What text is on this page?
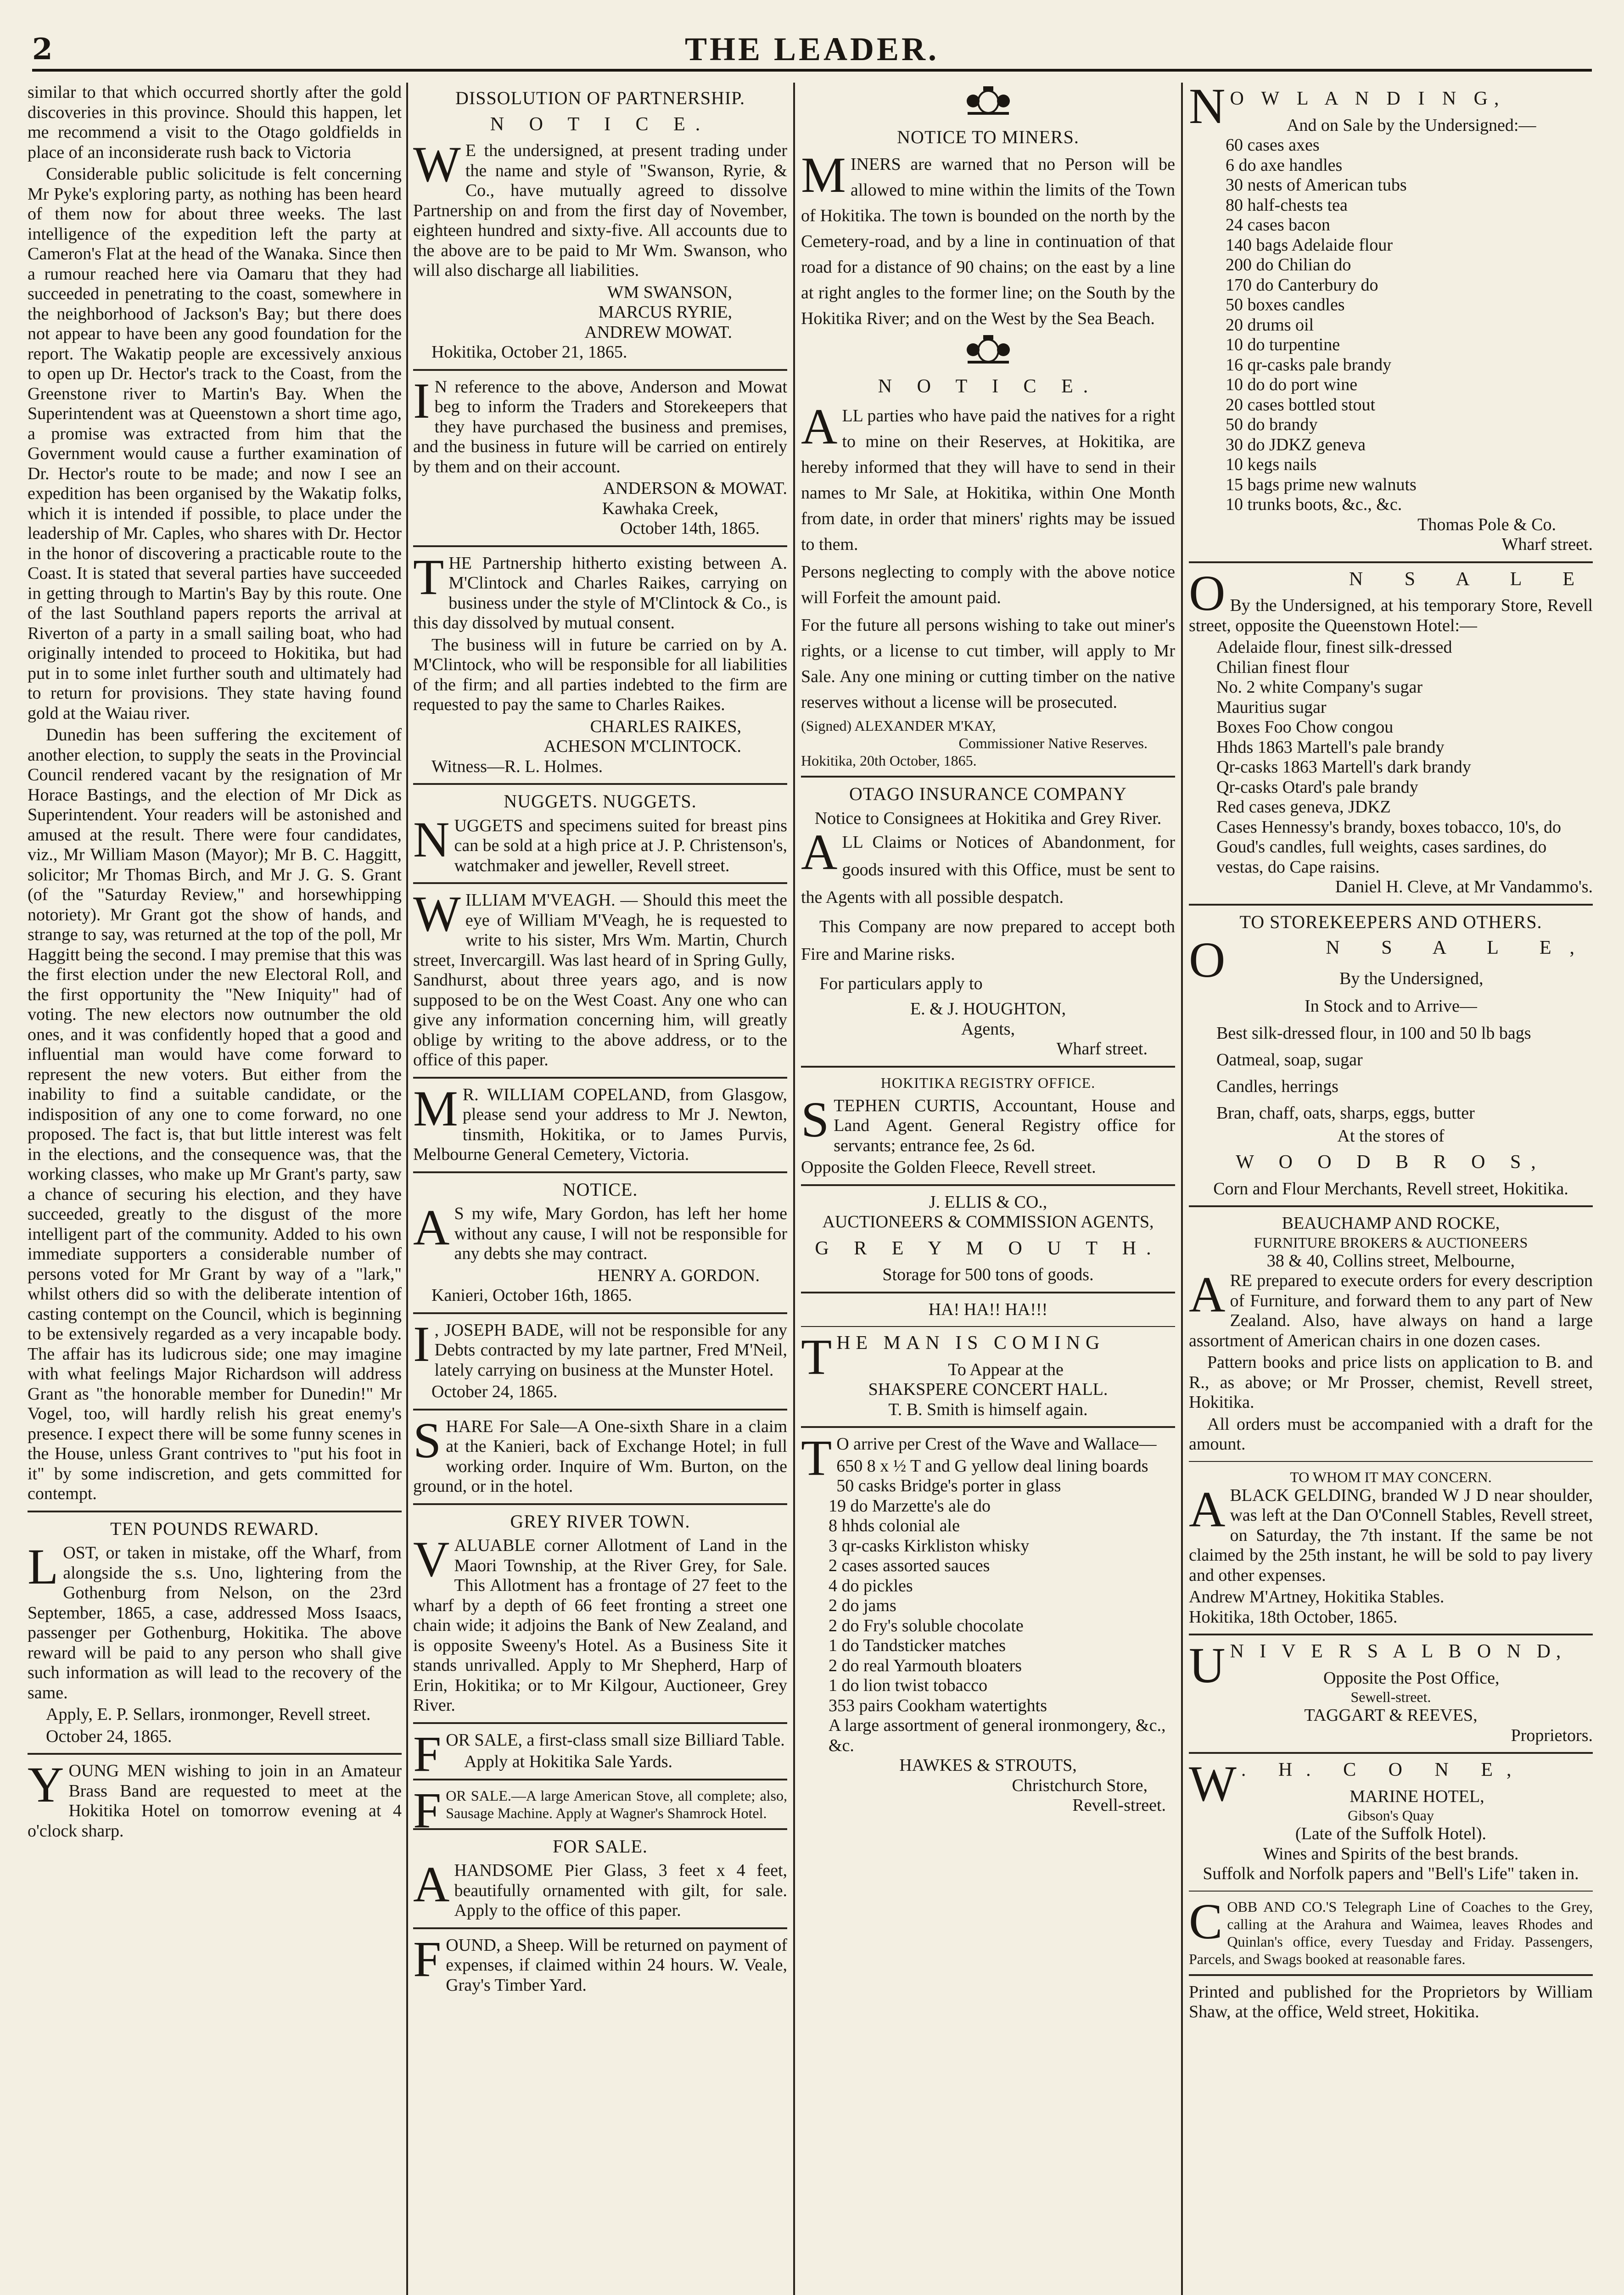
2	THE LEADER.

similar to that which occurred shortly after the gold discoveries in this province. Should this happen, let me recommend a visit to the Otago goldfields in place of an inconsiderate rush back to Victoria

Considerable public solicitude is felt concerning Mr Pyke's exploring party, as nothing has been heard of them now for about three weeks. The last intelligence of the expedition left the party at Cameron's Flat at the head of the Wanaka. Since then a rumour reached here via Oamaru that they had succeeded in penetrating to the coast, somewhere in the neighborhood of Jackson's Bay; but there does not appear to have been any good foundation for the report. The Wakatip people are excessively anxious to open up Dr. Hector's track to the Coast, from the Greenstone river to Martin's Bay. When the Superintendent was at Queenstown a short time ago, a promise was extracted from him that the Government would cause a further examination of Dr. Hector's route to be made; and now I see an expedition has been organised by the Wakatip folks, which it is intended if possible, to place under the leadership of Mr. Caples, who shares with Dr. Hector in the honor of discovering a practicable route to the Coast. It is stated that several parties have succeeded in getting through to Martin's Bay by this route. One of the last Southland papers reports the arrival at Riverton of a party in a small sailing boat, who had originally intended to proceed to Hokitika, but had put in to some inlet further south and ultimately had to return for provisions. They state having found gold at the Waiau river.

Dunedin has been suffering the excitement of another election, to supply the seats in the Provincial Council rendered vacant by the resignation of Mr Horace Bastings, and the election of Mr Dick as Superintendent. Your readers will be astonished and amused at the result. There were four candidates, viz., Mr William Mason (Mayor); Mr B. C. Haggitt, solicitor; Mr Thomas Birch, and Mr J. G. S. Grant (of the "Saturday Review," and horsewhipping notoriety). Mr Grant got the show of hands, and strange to say, was returned at the top of the poll, Mr Haggitt being the second. I may premise that this was the first election under the new Electoral Roll, and the first opportunity the "New Iniquity" had of voting. The new electors now outnumber the old ones, and it was confidently hoped that a good and influential man would have come forward to represent the new voters. But either from the inability to find a suitable candidate, or the indisposition of any one to come forward, no one proposed. The fact is, that but little interest was felt in the elections, and the consequence was, that the working classes, who make up Mr Grant's party, saw a chance of securing his election, and they have succeeded, greatly to the disgust of the more intelligent part of the community. Added to his own immediate supporters a considerable number of persons voted for Mr Grant by way of a "lark," whilst others did so with the deliberate intention of casting contempt on the Council, which is beginning to be extensively regarded as a very incapable body. The affair has its ludicrous side; one may imagine with what feelings Major Richardson will address Grant as "the honorable member for Dunedin!" Mr Vogel, too, will hardly relish his great enemy's presence. I expect there will be some funny scenes in the House, unless Grant contrives to "put his foot in it" by some indiscretion, and gets committed for contempt.

TEN POUNDS REWARD.
L OST, or taken in mistake, off the Wharf, from alongside the s.s. Uno, lightering from the Gothenburg from Nelson, on the 23rd September, 1865, a case, addressed Moss Isaacs, passenger per Gothenburg, Hokitika. The above reward will be paid to any person who shall give such information as will lead to the recovery of the same.

Apply, E. P. Sellars, ironmonger, Revell street.

October 24, 1865.

Y OUNG MEN wishing to join in an Amateur Brass Band are requested to meet at the Hokitika Hotel on tomorrow evening at 4 o'clock sharp.

DISSOLUTION OF PARTNERSHIP.
N O T I C E.
W E the undersigned, at present trading under the name and style of "Swanson, Ryrie, & Co., have mutually agreed to dissolve Partnership on and from the first day of November, eighteen hundred and sixty-five. All accounts due to the above are to be paid to Mr Wm. Swanson, who will also discharge all liabilities.

WM SWANSON,
MARCUS RYRIE,
ANDREW MOWAT.

Hokitika, October 21, 1865.

I N reference to the above, Anderson and Mowat beg to inform the Traders and Storekeepers that they have purchased the business and premises, and the business in future will be carried on entirely by them and on their account.

ANDERSON & MOWAT.
Kawhaka Creek,
October 14th, 1865.
T HE Partnership hitherto existing between A. M'Clintock and Charles Raikes, carrying on business under the style of M'Clintock & Co., is this day dissolved by mutual consent.

The business will in future be carried on by A. M'Clintock, who will be responsible for all liabilities of the firm; and all parties indebted to the firm are requested to pay the same to Charles Raikes.

CHARLES RAIKES,
ACHESON M'CLINTOCK.

Witness—R. L. Holmes.

NUGGETS. NUGGETS.
N UGGETS and specimens suited for breast pins can be sold at a high price at J. P. Christenson's, watchmaker and jeweller, Revell street.

W ILLIAM M'VEAGH. — Should this meet the eye of William M'Veagh, he is requested to write to his sister, Mrs Wm. Martin, Church street, Invercargill. Was last heard of in Spring Gully, Sandhurst, about three years ago, and is now supposed to be on the West Coast. Any one who can give any information concerning him, will greatly oblige by writing to the above address, or to the office of this paper.

M R. WILLIAM COPELAND, from Glasgow, please send your address to Mr J. Newton, tinsmith, Hokitika, or to James Purvis, Melbourne General Cemetery, Victoria.

NOTICE.
A S my wife, Mary Gordon, has left her home without any cause, I will not be responsible for any debts she may contract.

HENRY A. GORDON.

Kanieri, October 16th, 1865.

I , JOSEPH BADE, will not be responsible for any Debts contracted by my late partner, Fred M'Neil, lately carrying on business at the Munster Hotel.

October 24, 1865.

S HARE For Sale—A One-sixth Share in a claim at the Kanieri, back of Exchange Hotel; in full working order. Inquire of Wm. Burton, on the ground, or in the hotel.

GREY RIVER TOWN.
V ALUABLE corner Allotment of Land in the Maori Township, at the River Grey, for Sale. This Allotment has a frontage of 27 feet to the wharf by a depth of 66 feet fronting a street one chain wide; it adjoins the Bank of New Zealand, and is opposite Sweeny's Hotel. As a Business Site it stands unrivalled. Apply to Mr Shepherd, Harp of Erin, Hokitika; or to Mr Kilgour, Auctioneer, Grey River.

F OR SALE, a first-class small size Billiard Table.

Apply at Hokitika Sale Yards.

F OR SALE.—A large American Stove, all complete; also, Sausage Machine. Apply at Wagner's Shamrock Hotel.

FOR SALE.
A HANDSOME Pier Glass, 3 feet x 4 feet, beautifully ornamented with gilt, for sale. Apply to the office of this paper.

F OUND, a Sheep. Will be returned on payment of expenses, if claimed within 24 hours. W. Veale, Gray's Timber Yard.

NOTICE TO MINERS.
M INERS are warned that no Person will be allowed to mine within the limits of the Town of Hokitika. The town is bounded on the north by the Cemetery-road, and by a line in continuation of that road for a distance of 90 chains; on the east by a line at right angles to the former line; on the South by the Hokitika River; and on the West by the Sea Beach.

N O T I C E.
A LL parties who have paid the natives for a right to mine on their Reserves, at Hokitika, are hereby informed that they will have to send in their names to Mr Sale, at Hokitika, within One Month from date, in order that miners' rights may be issued to them.

Persons neglecting to comply with the above notice will Forfeit the amount paid.

For the future all persons wishing to take out miner's rights, or a license to cut timber, will apply to Mr Sale. Any one mining or cutting timber on the native reserves without a license will be prosecuted.

(Signed) ALEXANDER M'KAY,
Commissioner Native Reserves.
Hokitika, 20th October, 1865.
OTAGO INSURANCE COMPANY
Notice to Consignees at Hokitika and Grey River.
A LL Claims or Notices of Abandonment, for goods insured with this Office, must be sent to the Agents with all possible despatch.

This Company are now prepared to accept both Fire and Marine risks.

For particulars apply to

E. & J. HOUGHTON,
Agents,
Wharf street.
HOKITIKA REGISTRY OFFICE.
S TEPHEN CURTIS, Accountant, House and Land Agent. General Registry office for servants; entrance fee, 2s 6d.

Opposite the Golden Fleece, Revell street.

J. ELLIS & CO.,
AUCTIONEERS & COMMISSION AGENTS,
G R E Y M O U T H.
Storage for 500 tons of goods.
HA! HA!! HA!!!
T HE MAN IS COMING
To Appear at the
SHAKSPERE CONCERT HALL.
T. B. Smith is himself again.
T O arrive per Crest of the Wave and Wallace—

650 8 x ½ T and G yellow deal lining boards
50 casks Bridge's porter in glass
19 do Marzette's ale do
8 hhds colonial ale
3 qr-casks Kirkliston whisky
2 cases assorted sauces
4 do pickles
2 do jams
2 do Fry's soluble chocolate
1 do Tandsticker matches
2 do real Yarmouth bloaters
1 do lion twist tobacco
353 pairs Cookham watertights
A large assortment of general ironmongery, &c., &c.
HAWKES & STROUTS,
Christchurch Store,
Revell-street.
N O W L A N D I N G,
And on Sale by the Undersigned:—
60 cases axes
6 do axe handles
30 nests of American tubs
80 half-chests tea
24 cases bacon
140 bags Adelaide flour
200 do Chilian do
170 do Canterbury do
50 boxes candles
20 drums oil
10 do turpentine
16 qr-casks pale brandy
10 do do port wine
20 cases bottled stout
50 do brandy
30 do JDKZ geneva
10 kegs nails
15 bags prime new walnuts
10 trunks boots, &c., &c.
Thomas Pole & Co.
Wharf street.
O	N S A L E

By the Undersigned, at his temporary Store, Revell street, opposite the Queenstown Hotel:—

Adelaide flour, finest silk-dressed
Chilian finest flour
No. 2 white Company's sugar
Mauritius sugar
Boxes Foo Chow congou
Hhds 1863 Martell's pale brandy
Qr-casks 1863 Martell's dark brandy
Qr-casks Otard's pale brandy
Red cases geneva, JDKZ
Cases Hennessy's brandy, boxes tobacco, 10's, do Goud's candles, full weights, cases sardines, do vestas, do Cape raisins.
Daniel H. Cleve, at Mr Vandammo's.
TO STOREKEEPERS AND OTHERS.
O	N S A L E,
By the Undersigned,
In Stock and to Arrive—
Best silk-dressed flour, in 100 and 50 lb bags
Oatmeal, soap, sugar
Candles, herrings
Bran, chaff, oats, sharps, eggs, butter
At the stores of
W O O D B R O S,
Corn and Flour Merchants, Revell street, Hokitika.
BEAUCHAMP AND ROCKE,
FURNITURE BROKERS & AUCTIONEERS
38 & 40, Collins street, Melbourne,
A RE prepared to execute orders for every description of Furniture, and forward them to any part of New Zealand. Also, have always on hand a large assortment of American chairs in one dozen cases.

Pattern books and price lists on application to B. and R., as above; or Mr Prosser, chemist, Revell street, Hokitika.

All orders must be accompanied with a draft for the amount.

TO WHOM IT MAY CONCERN.
A BLACK GELDING, branded W J D near shoulder, was left at the Dan O'Connell Stables, Revell street, on Saturday, the 7th instant. If the same be not claimed by the 25th instant, he will be sold to pay livery and other expenses.

Andrew M'Artney, Hokitika Stables.
Hokitika, 18th October, 1865.
U N I V E R S A L B O N D,
Opposite the Post Office,
Sewell-street.
TAGGART & REEVES,
Proprietors.
W . H. C O N E,
MARINE HOTEL,
Gibson's Quay
(Late of the Suffolk Hotel).
Wines and Spirits of the best brands.
Suffolk and Norfolk papers and "Bell's Life" taken in.
C OBB AND CO.'S Telegraph Line of Coaches to the Grey, calling at the Arahura and Waimea, leaves Rhodes and Quinlan's office, every Tuesday and Friday. Passengers, Parcels, and Swags booked at reasonable fares.

Printed and published for the Proprietors by William Shaw, at the office, Weld street, Hokitika.
